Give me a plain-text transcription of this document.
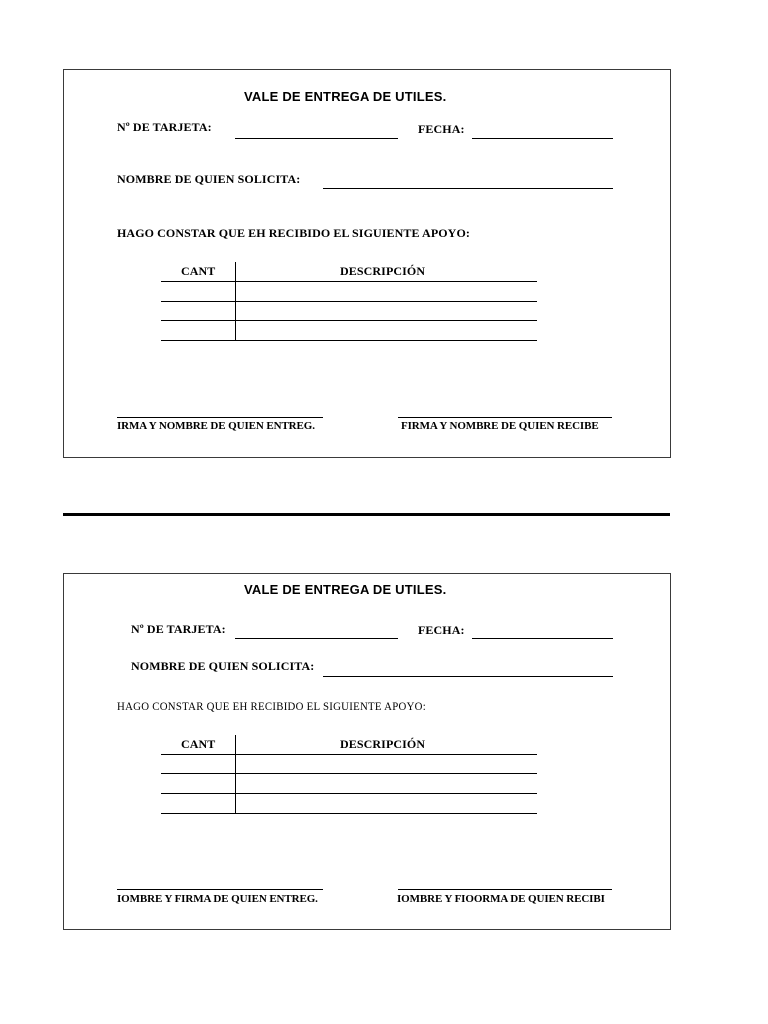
VALE DE ENTREGA DE UTILES.
Nº DE TARJETA:	FECHA:
NOMBRE DE QUIEN SOLICITA:
HAGO CONSTAR QUE EH RECIBIDO EL SIGUIENTE APOYO:
CANT	DESCRIPCIÓN
IRMA Y NOMBRE DE QUIEN ENTREG.	FIRMA Y NOMBRE DE QUIEN RECIBE
VALE DE ENTREGA DE UTILES.
Nº DE TARJETA:	FECHA:
NOMBRE DE QUIEN SOLICITA:
HAGO CONSTAR QUE EH RECIBIDO EL SIGUIENTE APOYO:
CANT	DESCRIPCIÓN
IOMBRE Y FIRMA DE QUIEN ENTREG.	IOMBRE Y FIOORMA DE QUIEN RECIBI
